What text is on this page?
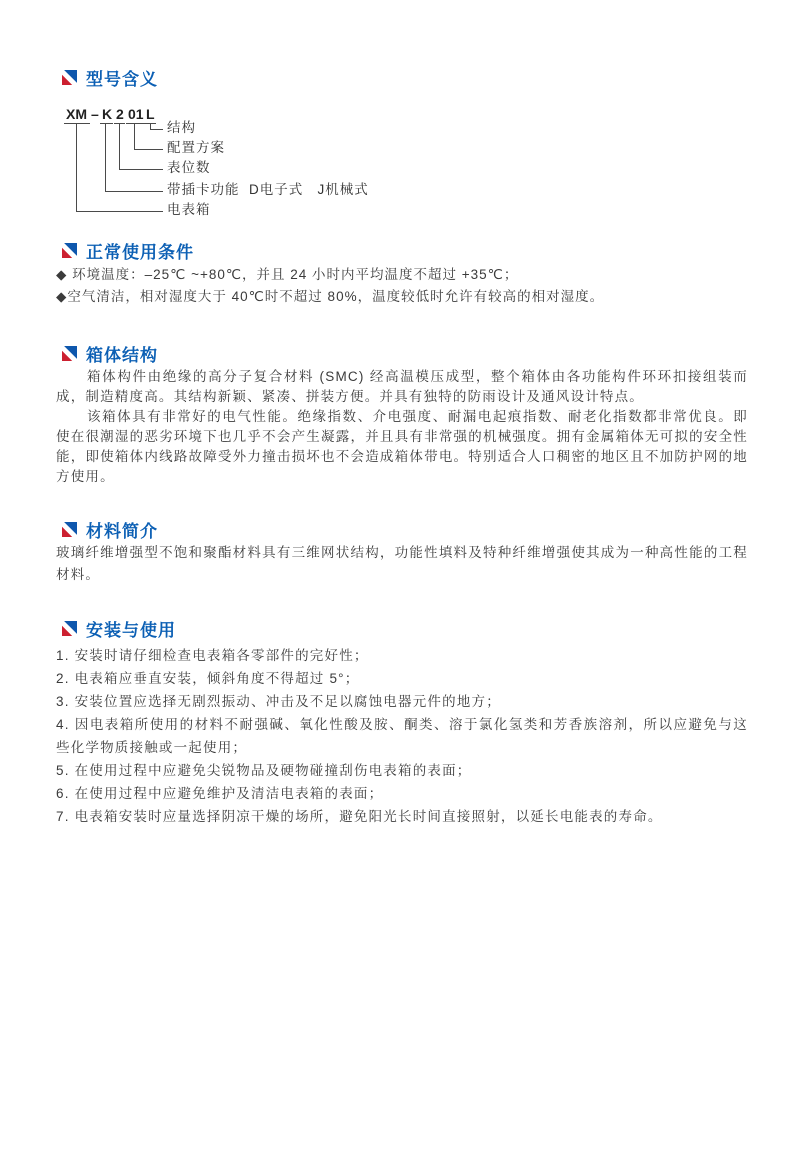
型号含义
XM – K 2 01 L
结构
配置方案
表位数
带插卡功能  D电子式   J机械式
电表箱
正常使用条件
◆ 环境温度：–25℃ ~+80℃，并且 24 小时内平均温度不超过 +35℃；
◆空气清洁，相对湿度大于 40℃时不超过 80%，温度较低时允许有较高的相对湿度。
箱体结构

箱体构件由绝缘的高分子复合材料 (SMC) 经高温模压成型，整个箱体由各功能构件环环扣接组装而成，制造精度高。其结构新颖、紧凑、拼装方便。并具有独特的防雨设计及通风设计特点。

该箱体具有非常好的电气性能。绝缘指数、介电强度、耐漏电起痕指数、耐老化指数都非常优良。即使在很潮湿的恶劣环境下也几乎不会产生凝露，并且具有非常强的机械强度。拥有金属箱体无可拟的安全性能，即使箱体内线路故障受外力撞击损坏也不会造成箱体带电。特别适合人口稠密的地区且不加防护网的地方使用。

材料简介

玻璃纤维增强型不饱和聚酯材料具有三维网状结构，功能性填料及特种纤维增强使其成为一种高性能的工程材料。

安装与使用
1. 安装时请仔细检查电表箱各零部件的完好性；
2. 电表箱应垂直安装，倾斜角度不得超过 5°；
3. 安装位置应选择无剧烈振动、冲击及不足以腐蚀电器元件的地方；
4. 因电表箱所使用的材料不耐强碱、氧化性酸及胺、酮类、溶于氯化氢类和芳香族溶剂，所以应避免与这些化学物质接触或一起使用；
5. 在使用过程中应避免尖锐物品及硬物碰撞刮伤电表箱的表面；
6. 在使用过程中应避免维护及清洁电表箱的表面；
7. 电表箱安装时应量选择阴凉干燥的场所，避免阳光长时间直接照射，以延长电能表的寿命。
